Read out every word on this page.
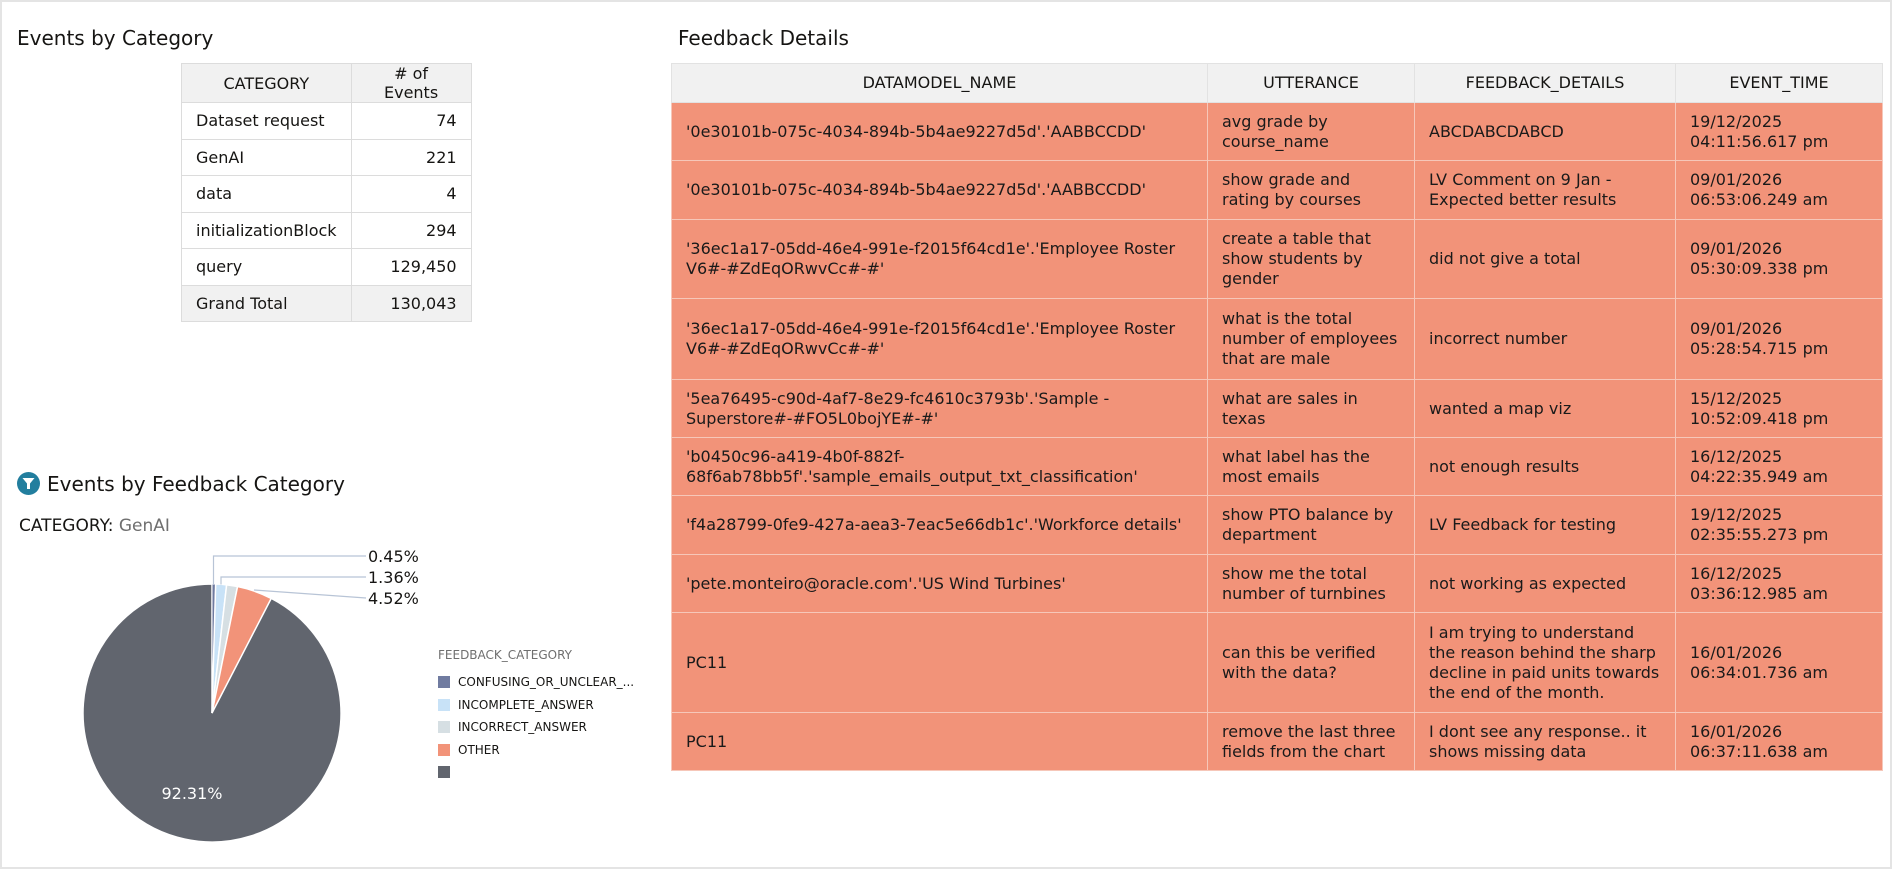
Events by Category
CATEGORY	# of Events
Dataset request	74
GenAI	221
data	4
initializationBlock	294
query	129,450
Grand Total	130,043
Events by Feedback Category
CATEGORY: GenAI
0.45%
1.36%
4.52%
92.31%
FEEDBACK_CATEGORY
CONFUSING_OR_UNCLEAR_...
INCOMPLETE_ANSWER
INCORRECT_ANSWER
OTHER
Feedback Details
DATAMODEL_NAME	UTTERANCE	FEEDBACK_DETAILS	EVENT_TIME
'0e30101b-075c-4034-894b-5b4ae9227d5d'.'AABBCCDD'	avg grade by course_name	ABCDABCDABCD	19/12/2025
04:11:56.617 pm

'0e30101b-075c-4034-894b-5b4ae9227d5d'.'AABBCCDD'	show grade and rating by courses	LV Comment on 9 Jan - Expected better results	09/01/2026
06:53:06.249 am

'36ec1a17-05dd-46e4-991e-f2015f64cd1e'.'Employee Roster V6#-#ZdEqORwvCc#-#'	create a table that show students by gender	did not give a total	09/01/2026
05:30:09.338 pm

'36ec1a17-05dd-46e4-991e-f2015f64cd1e'.'Employee Roster V6#-#ZdEqORwvCc#-#'	what is the total number of employees that are male	incorrect number	09/01/2026
05:28:54.715 pm

'5ea76495-c90d-4af7-8e29-fc4610c3793b'.'Sample - Superstore#-#FO5L0bojYE#-#'	what are sales in texas	wanted a map viz	15/12/2025
10:52:09.418 pm

'b0450c96-a419-4b0f-882f-68f6ab78bb5f'.'sample_emails_output_txt_classification'	what label has the most emails	not enough results	16/12/2025
04:22:35.949 am

'f4a28799-0fe9-427a-aea3-7eac5e66db1c'.'Workforce details'	show PTO balance by department	LV Feedback for testing	19/12/2025
02:35:55.273 pm

'pete.monteiro@oracle.com'.'US Wind Turbines'	show me the total number of turnbines	not working as expected	16/12/2025
03:36:12.985 am

PC11	can this be verified with the data?	I am trying to understand the reason behind the sharp decline in paid units towards the end of the month.	16/01/2026
06:34:01.736 am

PC11	remove the last three fields from the chart	I dont see any response.. it shows missing data	16/01/2026
06:37:11.638 am
